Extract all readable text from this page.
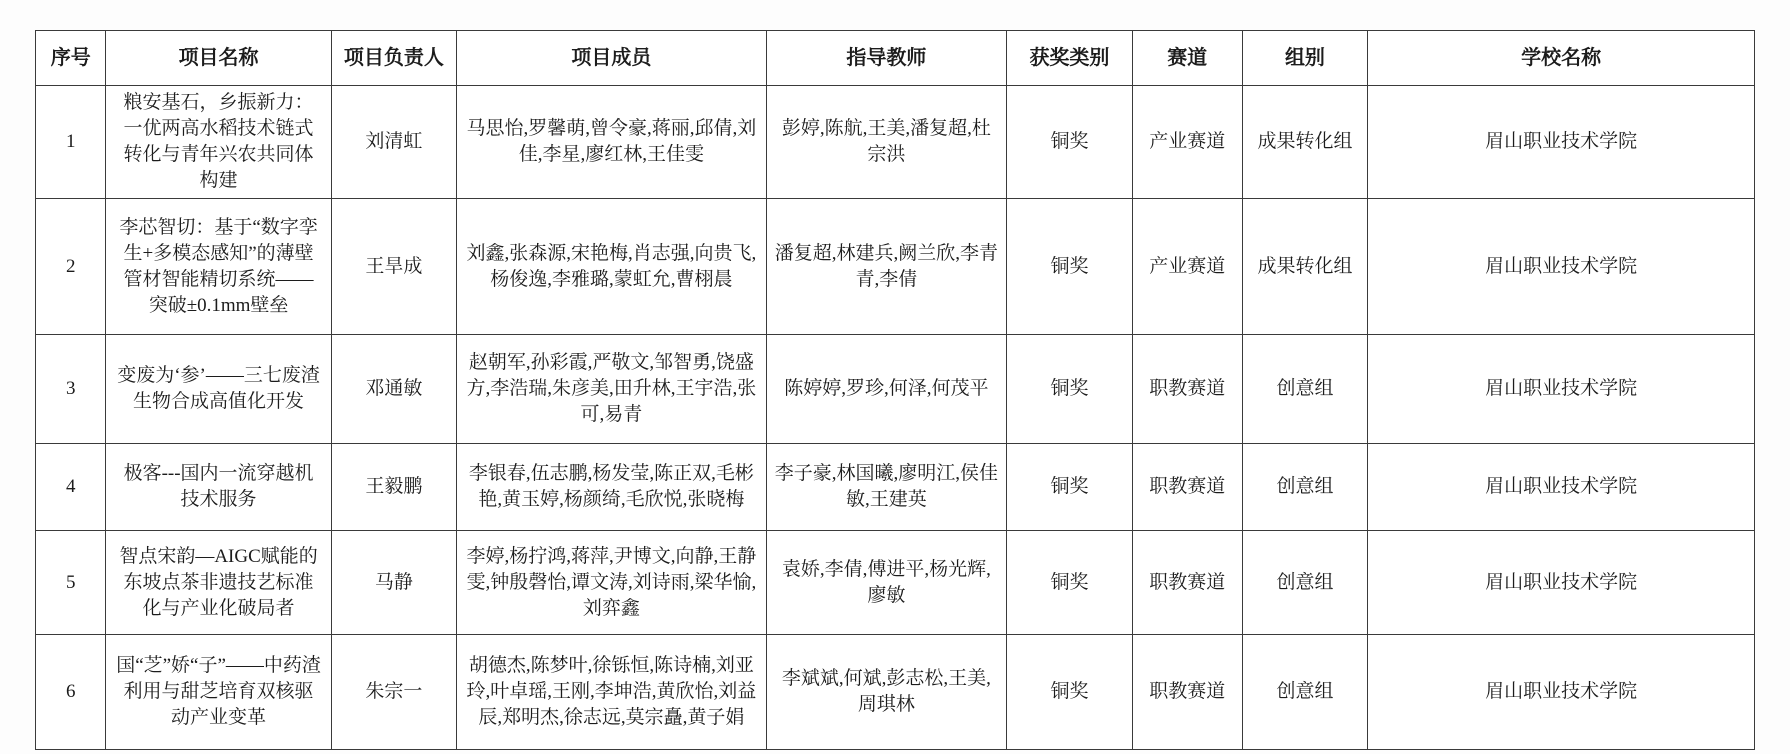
序号	项目名称	项目负责人	项目成员	指导教师	获奖类别	赛道	组别	学校名称
1	粮安基石，乡振新力：一优两高水稻技术链式转化与青年兴农共同体构建	刘清虹	马思怡,罗馨萌,曾令豪,蒋丽,邱倩,刘佳,李星,廖红林,王佳雯	彭婷,陈航,王美,潘复超,杜宗洪	铜奖	产业赛道	成果转化组	眉山职业技术学院
2	李芯智切：基于“数字孪生+多模态感知”的薄壁管材智能精切系统——突破±0.1mm壁垒	王旱成	刘鑫,张森源,宋艳梅,肖志强,向贵飞,杨俊逸,李雅璐,蒙虹允,曹栩晨	潘复超,林建兵,阙兰欣,李青青,李倩	铜奖	产业赛道	成果转化组	眉山职业技术学院
3	变废为‘参’——三七废渣生物合成高值化开发	邓通敏	赵朝军,孙彩霞,严敬文,邹智勇,饶盛方,李浩瑞,朱彦美,田升林,王宇浩,张可,易青	陈婷婷,罗珍,何泽,何茂平	铜奖	职教赛道	创意组	眉山职业技术学院
4	极客---国内一流穿越机技术服务	王毅鹏	李银春,伍志鹏,杨发莹,陈正双,毛彬艳,黄玉婷,杨颜绮,毛欣悦,张晓梅	李子豪,林国曦,廖明江,侯佳敏,王建英	铜奖	职教赛道	创意组	眉山职业技术学院
5	智点宋韵—AIGC赋能的东坡点茶非遗技艺标准化与产业化破局者	马静	李婷,杨拧鸿,蒋萍,尹博文,向静,王静雯,钟殷磬怡,谭文涛,刘诗雨,梁华愉,刘弈鑫	袁娇,李倩,傅进平,杨光辉,廖敏	铜奖	职教赛道	创意组	眉山职业技术学院
6	国“芝”娇“子”——中药渣利用与甜芝培育双核驱动产业变革	朱宗一	胡德杰,陈梦叶,徐铄恒,陈诗楠,刘亚玲,叶卓瑶,王刚,李坤浩,黄欣怡,刘益辰,郑明杰,徐志远,莫宗矗,黄子娟	李斌斌,何斌,彭志松,王美,周琪林	铜奖	职教赛道	创意组	眉山职业技术学院
